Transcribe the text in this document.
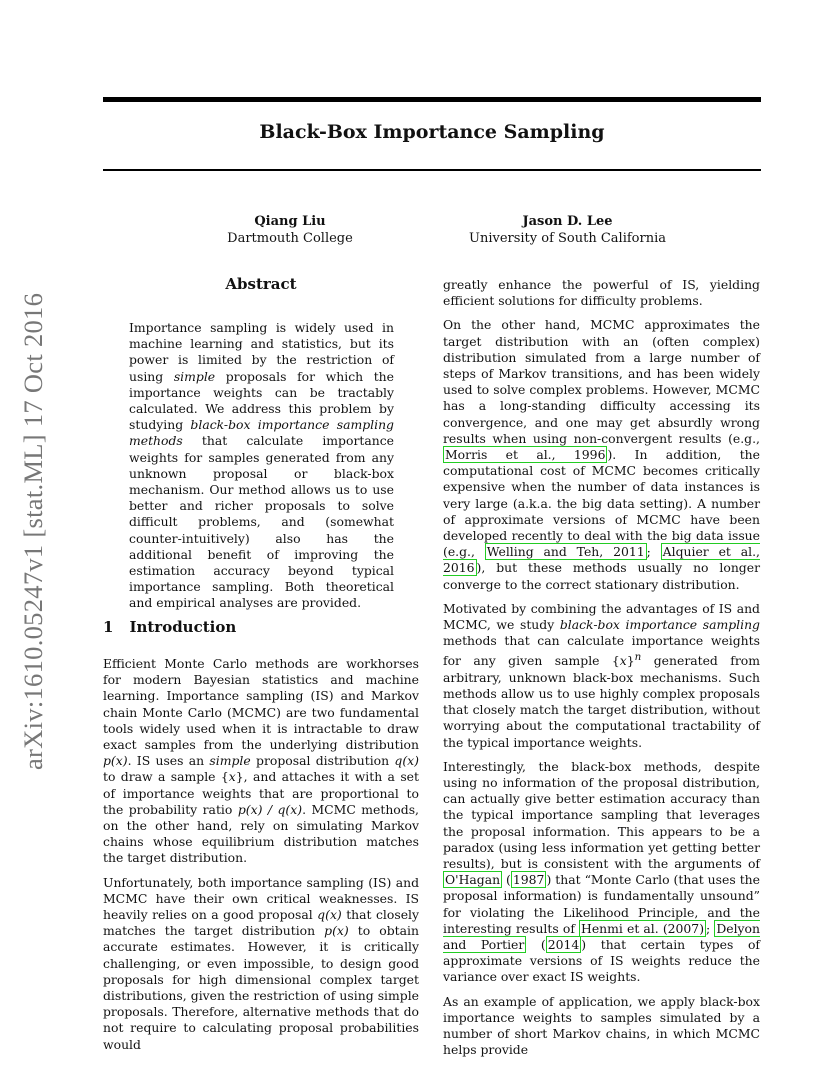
Black-Box Importance Sampling
Qiang Liu
Dartmouth College
Jason D. Lee
University of South California
arXiv:1610.05247v1 [stat.ML] 17 Oct 2016
Abstract

Importance sampling is widely used in machine learning and statistics, but its power is limited by the restriction of using simple proposals for which the importance weights can be tractably calculated. We address this problem by studying black-box importance sampling methods that calculate importance weights for samples generated from any unknown proposal or black-box mechanism. Our method allows us to use better and richer proposals to solve difficult problems, and (somewhat counter-intuitively) also has the additional benefit of improving the estimation accuracy beyond typical importance sampling. Both theoretical and empirical analyses are provided.

1 Introduction

Efficient Monte Carlo methods are workhorses for modern Bayesian statistics and machine learning. Importance sampling (IS) and Markov chain Monte Carlo (MCMC) are two fundamental tools widely used when it is intractable to draw exact samples from the underlying distribution p(x). IS uses an simple proposal distribution q(x) to draw a sample {x}, and attaches it with a set of importance weights that are proportional to the probability ratio p(x) / q(x). MCMC methods, on the other hand, rely on simulating Markov chains whose equilibrium distribution matches the target distribution.

Unfortunately, both importance sampling (IS) and MCMC have their own critical weaknesses. IS heavily relies on a good proposal q(x) that closely matches the target distribution p(x) to obtain accurate estimates. However, it is critically challenging, or even impossible, to design good proposals for high dimensional complex target distributions, given the restriction of using simple proposals. Therefore, alternative methods that do not require to calculating proposal probabilities would

greatly enhance the powerful of IS, yielding efficient solutions for difficulty problems.

On the other hand, MCMC approximates the target distribution with an (often complex) distribution simulated from a large number of steps of Markov transitions, and has been widely used to solve complex problems. However, MCMC has a long-standing difficulty accessing its convergence, and one may get absurdly wrong results when using non-convergent results (e.g., Morris et al., 1996 ). In addition, the computational cost of MCMC becomes critically expensive when the number of data instances is very large (a.k.a. the big data setting). A number of approximate versions of MCMC have been developed recently to deal with the big data issue (e.g., Welling and Teh, 2011 ; Alquier et al., 2016 ), but these methods usually no longer converge to the correct stationary distribution.

Motivated by combining the advantages of IS and MCMC, we study black-box importance sampling methods that can calculate importance weights for any given sample $\{x\}^n$ generated from arbitrary, unknown black-box mechanisms. Such methods allow us to use highly complex proposals that closely match the target distribution, without worrying about the computational tractability of the typical importance weights.

Interestingly, the black-box methods, despite using no information of the proposal distribution, can actually give better estimation accuracy than the typical importance sampling that leverages the proposal information. This appears to be a paradox (using less information yet getting better results), but is consistent with the arguments of O'Hagan ( 1987 ) that “Monte Carlo (that uses the proposal information) is fundamentally unsound” for violating the Likelihood Principle, and the interesting results of Henmi et al. (2007) ; Delyon and Portier ( 2014 ) that certain types of approximate versions of IS weights reduce the variance over exact IS weights.

As an example of application, we apply black-box importance weights to samples simulated by a number of short Markov chains, in which MCMC helps provide
